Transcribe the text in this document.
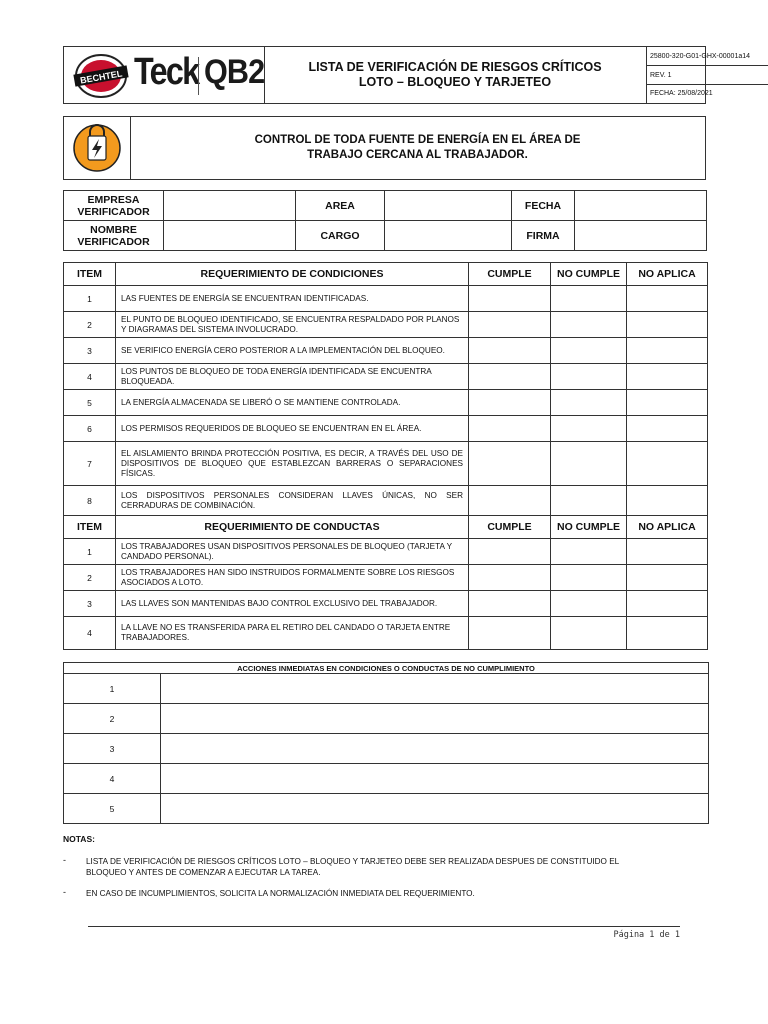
BECHTEL Teck QB2	LISTA DE VERIFICACIÓN DE RIESGOS CRÍTICOS
LOTO – BLOQUEO Y TARJETEO
25800-320-G01-GHX-00001a14
REV. 1
FECHA: 25/08/2021
CONTROL DE TODA FUENTE DE ENERGÍA EN EL ÁREA DE
TRABAJO CERCANA AL TRABAJADOR.
EMPRESA VERIFICADOR		AREA		FECHA	
NOMBRE VERIFICADOR		CARGO		FIRMA	
ITEM	REQUERIMIENTO DE CONDICIONES	CUMPLE	NO CUMPLE	NO APLICA
1	LAS FUENTES DE ENERGÍA SE ENCUENTRAN IDENTIFICADAS.			
2	EL PUNTO DE BLOQUEO IDENTIFICADO, SE ENCUENTRA RESPALDADO POR PLANOS Y DIAGRAMAS DEL SISTEMA INVOLUCRADO.			
3	SE VERIFICO ENERGÍA CERO POSTERIOR A LA IMPLEMENTACIÓN DEL BLOQUEO.			
4	LOS PUNTOS DE BLOQUEO DE TODA ENERGÍA IDENTIFICADA SE ENCUENTRA BLOQUEADA.			
5	LA ENERGÍA ALMACENADA SE LIBERÓ O SE MANTIENE CONTROLADA.			
6	LOS PERMISOS REQUERIDOS DE BLOQUEO SE ENCUENTRAN EN EL ÁREA.			
7	EL AISLAMIENTO BRINDA PROTECCIÓN POSITIVA, ES DECIR, A TRAVÉS DEL USO DE DISPOSITIVOS DE BLOQUEO QUE ESTABLEZCAN BARRERAS O SEPARACIONES FÍSICAS.			
8	LOS DISPOSITIVOS PERSONALES CONSIDERAN LLAVES ÚNICAS, NO SER CERRADURAS DE COMBINACIÓN.			
ITEM	REQUERIMIENTO DE CONDUCTAS	CUMPLE	NO CUMPLE	NO APLICA
1	LOS TRABAJADORES USAN DISPOSITIVOS PERSONALES DE BLOQUEO (TARJETA Y CANDADO PERSONAL).			
2	LOS TRABAJADORES HAN SIDO INSTRUIDOS FORMALMENTE SOBRE LOS RIESGOS ASOCIADOS A LOTO.			
3	LAS LLAVES SON MANTENIDAS BAJO CONTROL EXCLUSIVO DEL TRABAJADOR.			
4	LA LLAVE NO ES TRANSFERIDA PARA EL RETIRO DEL CANDADO O TARJETA ENTRE TRABAJADORES.			
ACCIONES INMEDIATAS EN CONDICIONES O CONDUCTAS DE NO CUMPLIMIENTO	
1	
2	
3	
4	
5	
NOTAS:
- LISTA DE VERIFICACIÓN DE RIESGOS CRÍTICOS LOTO – BLOQUEO Y TARJETEO DEBE SER REALIZADA DESPUES DE CONSTITUIDO EL
BLOQUEO Y ANTES DE COMENZAR A EJECUTAR LA TAREA.
- EN CASO DE INCUMPLIMIENTOS, SOLICITA LA NORMALIZACIÓN INMEDIATA DEL REQUERIMIENTO.
Página 1 de 1
